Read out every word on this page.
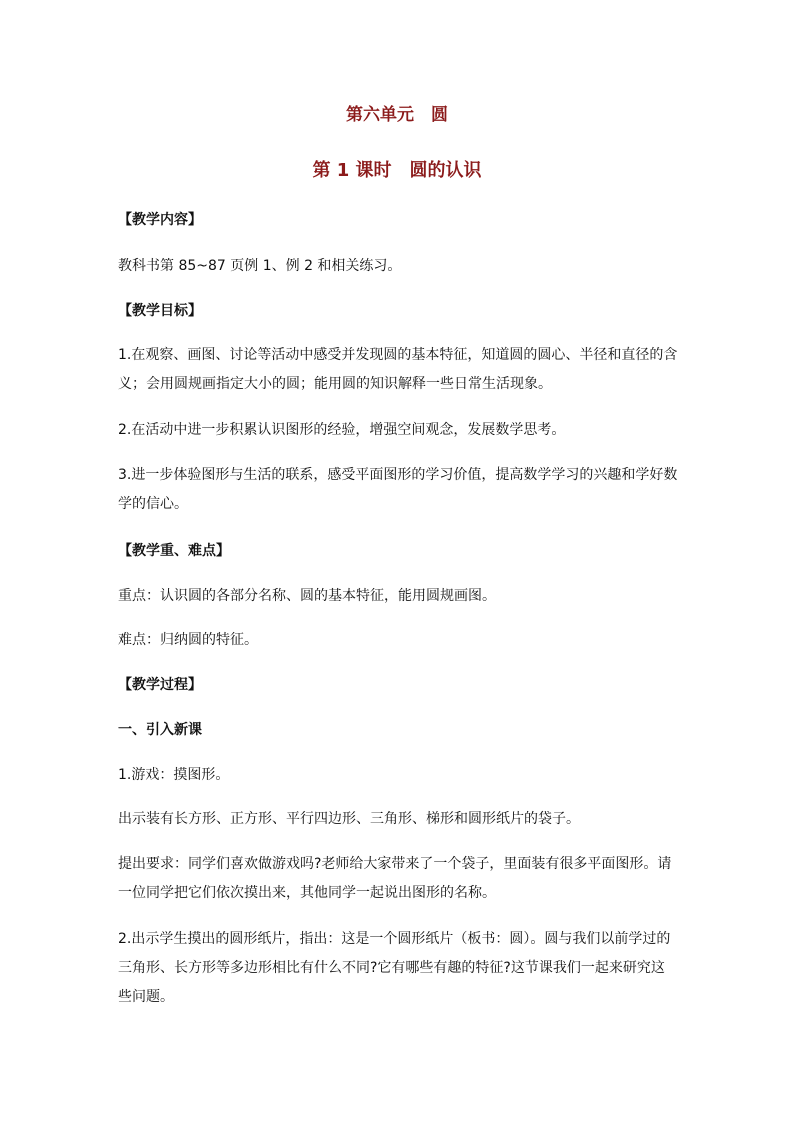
第六单元　圆
第 1 课时　圆的认识
【教学内容】
教科书第 85~87 页例 1、例 2 和相关练习。
【教学目标】
1.在观察、画图、讨论等活动中感受并发现圆的基本特征，知道圆的圆心、半径和直径的含义；会用圆规画指定大小的圆；能用圆的知识解释一些日常生活现象。
2.在活动中进一步积累认识图形的经验，增强空间观念，发展数学思考。
3.进一步体验图形与生活的联系，感受平面图形的学习价值，提高数学学习的兴趣和学好数学的信心。
【教学重、难点】
重点：认识圆的各部分名称、圆的基本特征，能用圆规画图。
难点：归纳圆的特征。
【教学过程】
一、引入新课
1.游戏：摸图形。
出示装有长方形、正方形、平行四边形、三角形、梯形和圆形纸片的袋子。
提出要求：同学们喜欢做游戏吗?老师给大家带来了一个袋子，里面装有很多平面图形。请一位同学把它们依次摸出来，其他同学一起说出图形的名称。
2.出示学生摸出的圆形纸片，指出：这是一个圆形纸片（板书：圆）。圆与我们以前学过的三角形、长方形等多边形相比有什么不同?它有哪些有趣的特征?这节课我们一起来研究这些问题。
